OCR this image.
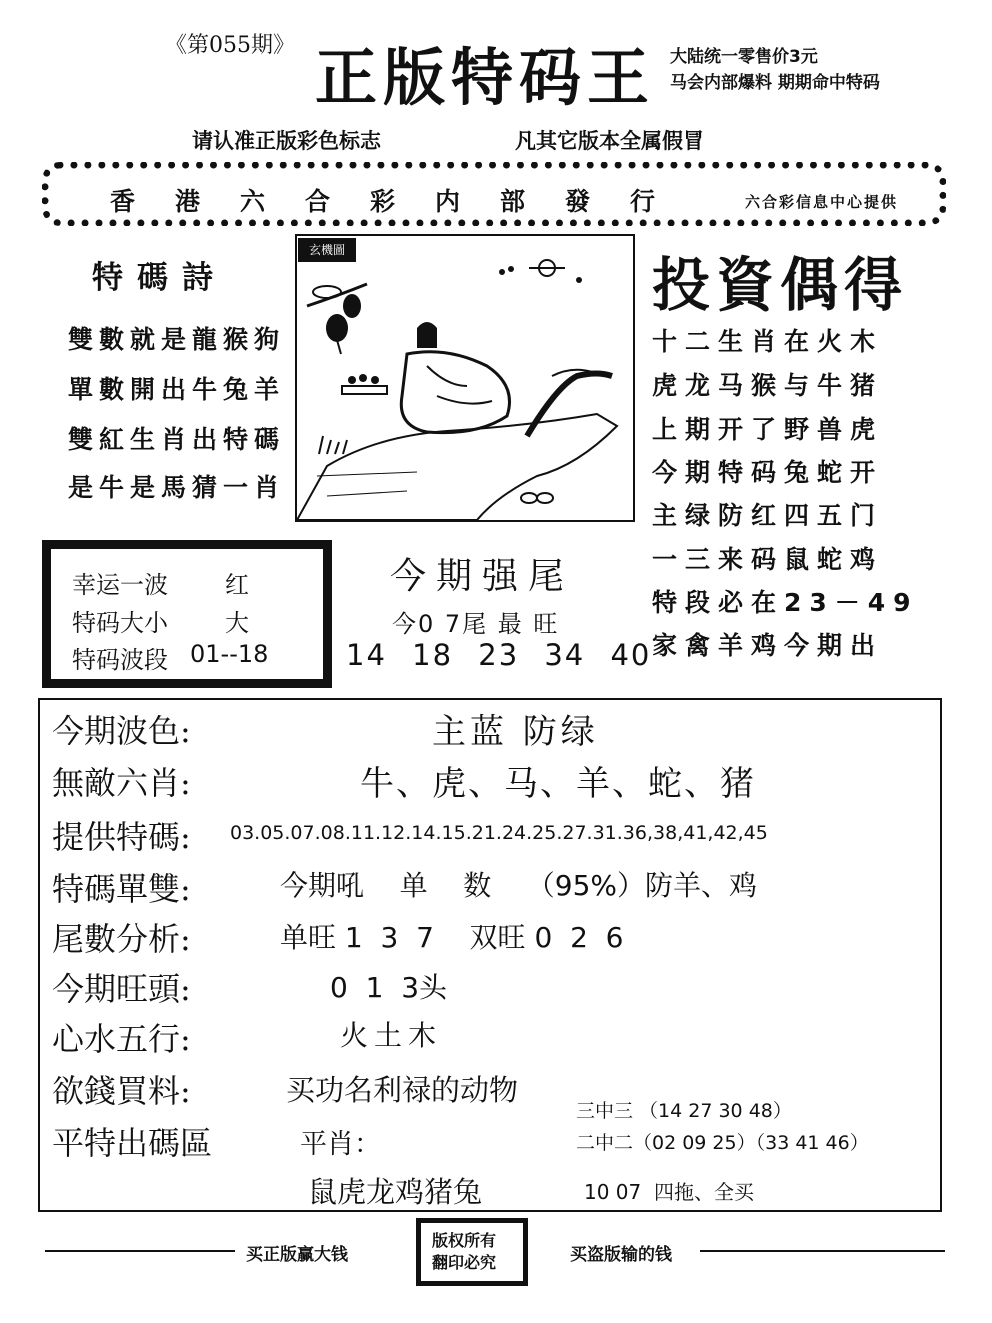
《第055期》 正版特码王 大陆统一零售价3元
马会内部爆料 期期命中特码
请认准正版彩色标志	凡其它版本全属假冒
香港六合彩内部發行	六合彩信息中心提供
特碼詩
雙數就是龍猴狗
單數開出牛兔羊
雙紅生肖出特碼
是牛是馬猜一肖
玄機圖
投資偶得
十二生肖在火木
虎龙马猴与牛猪
上期开了野兽虎
今期特码兔蛇开
主绿防红四五门
一三来码鼠蛇鸡
特段必在23－49
家禽羊鸡今期出
幸运一波 红
特码大小 大
特码波段 01--18
今期强尾
今0 7尾 最 旺
14 18 23 34 40
今期波色:	主蓝 防绿
無敵六肖:	牛、虎、马、羊、蛇、猪
提供特碼: 03.05.07.08.11.12.14.15.21.24.25.27.31.36,38,41,42,45
特碼單雙:	今期吼    单    数    （95%）防羊、鸡
尾數分析:	单旺 1  3  7    双旺 0  2  6
今期旺頭:	0  1  3头
心水五行:	火土木
欲錢買料:	买功名利禄的动物
平特出碼區	平肖：
三中三 （14 27 30 48）
二中二（02 09 25）（33 41 46）
鼠虎龙鸡猪兔	10 07  四拖、全买
买正版赢大钱
版权所有
翻印必究	买盗版输的钱
